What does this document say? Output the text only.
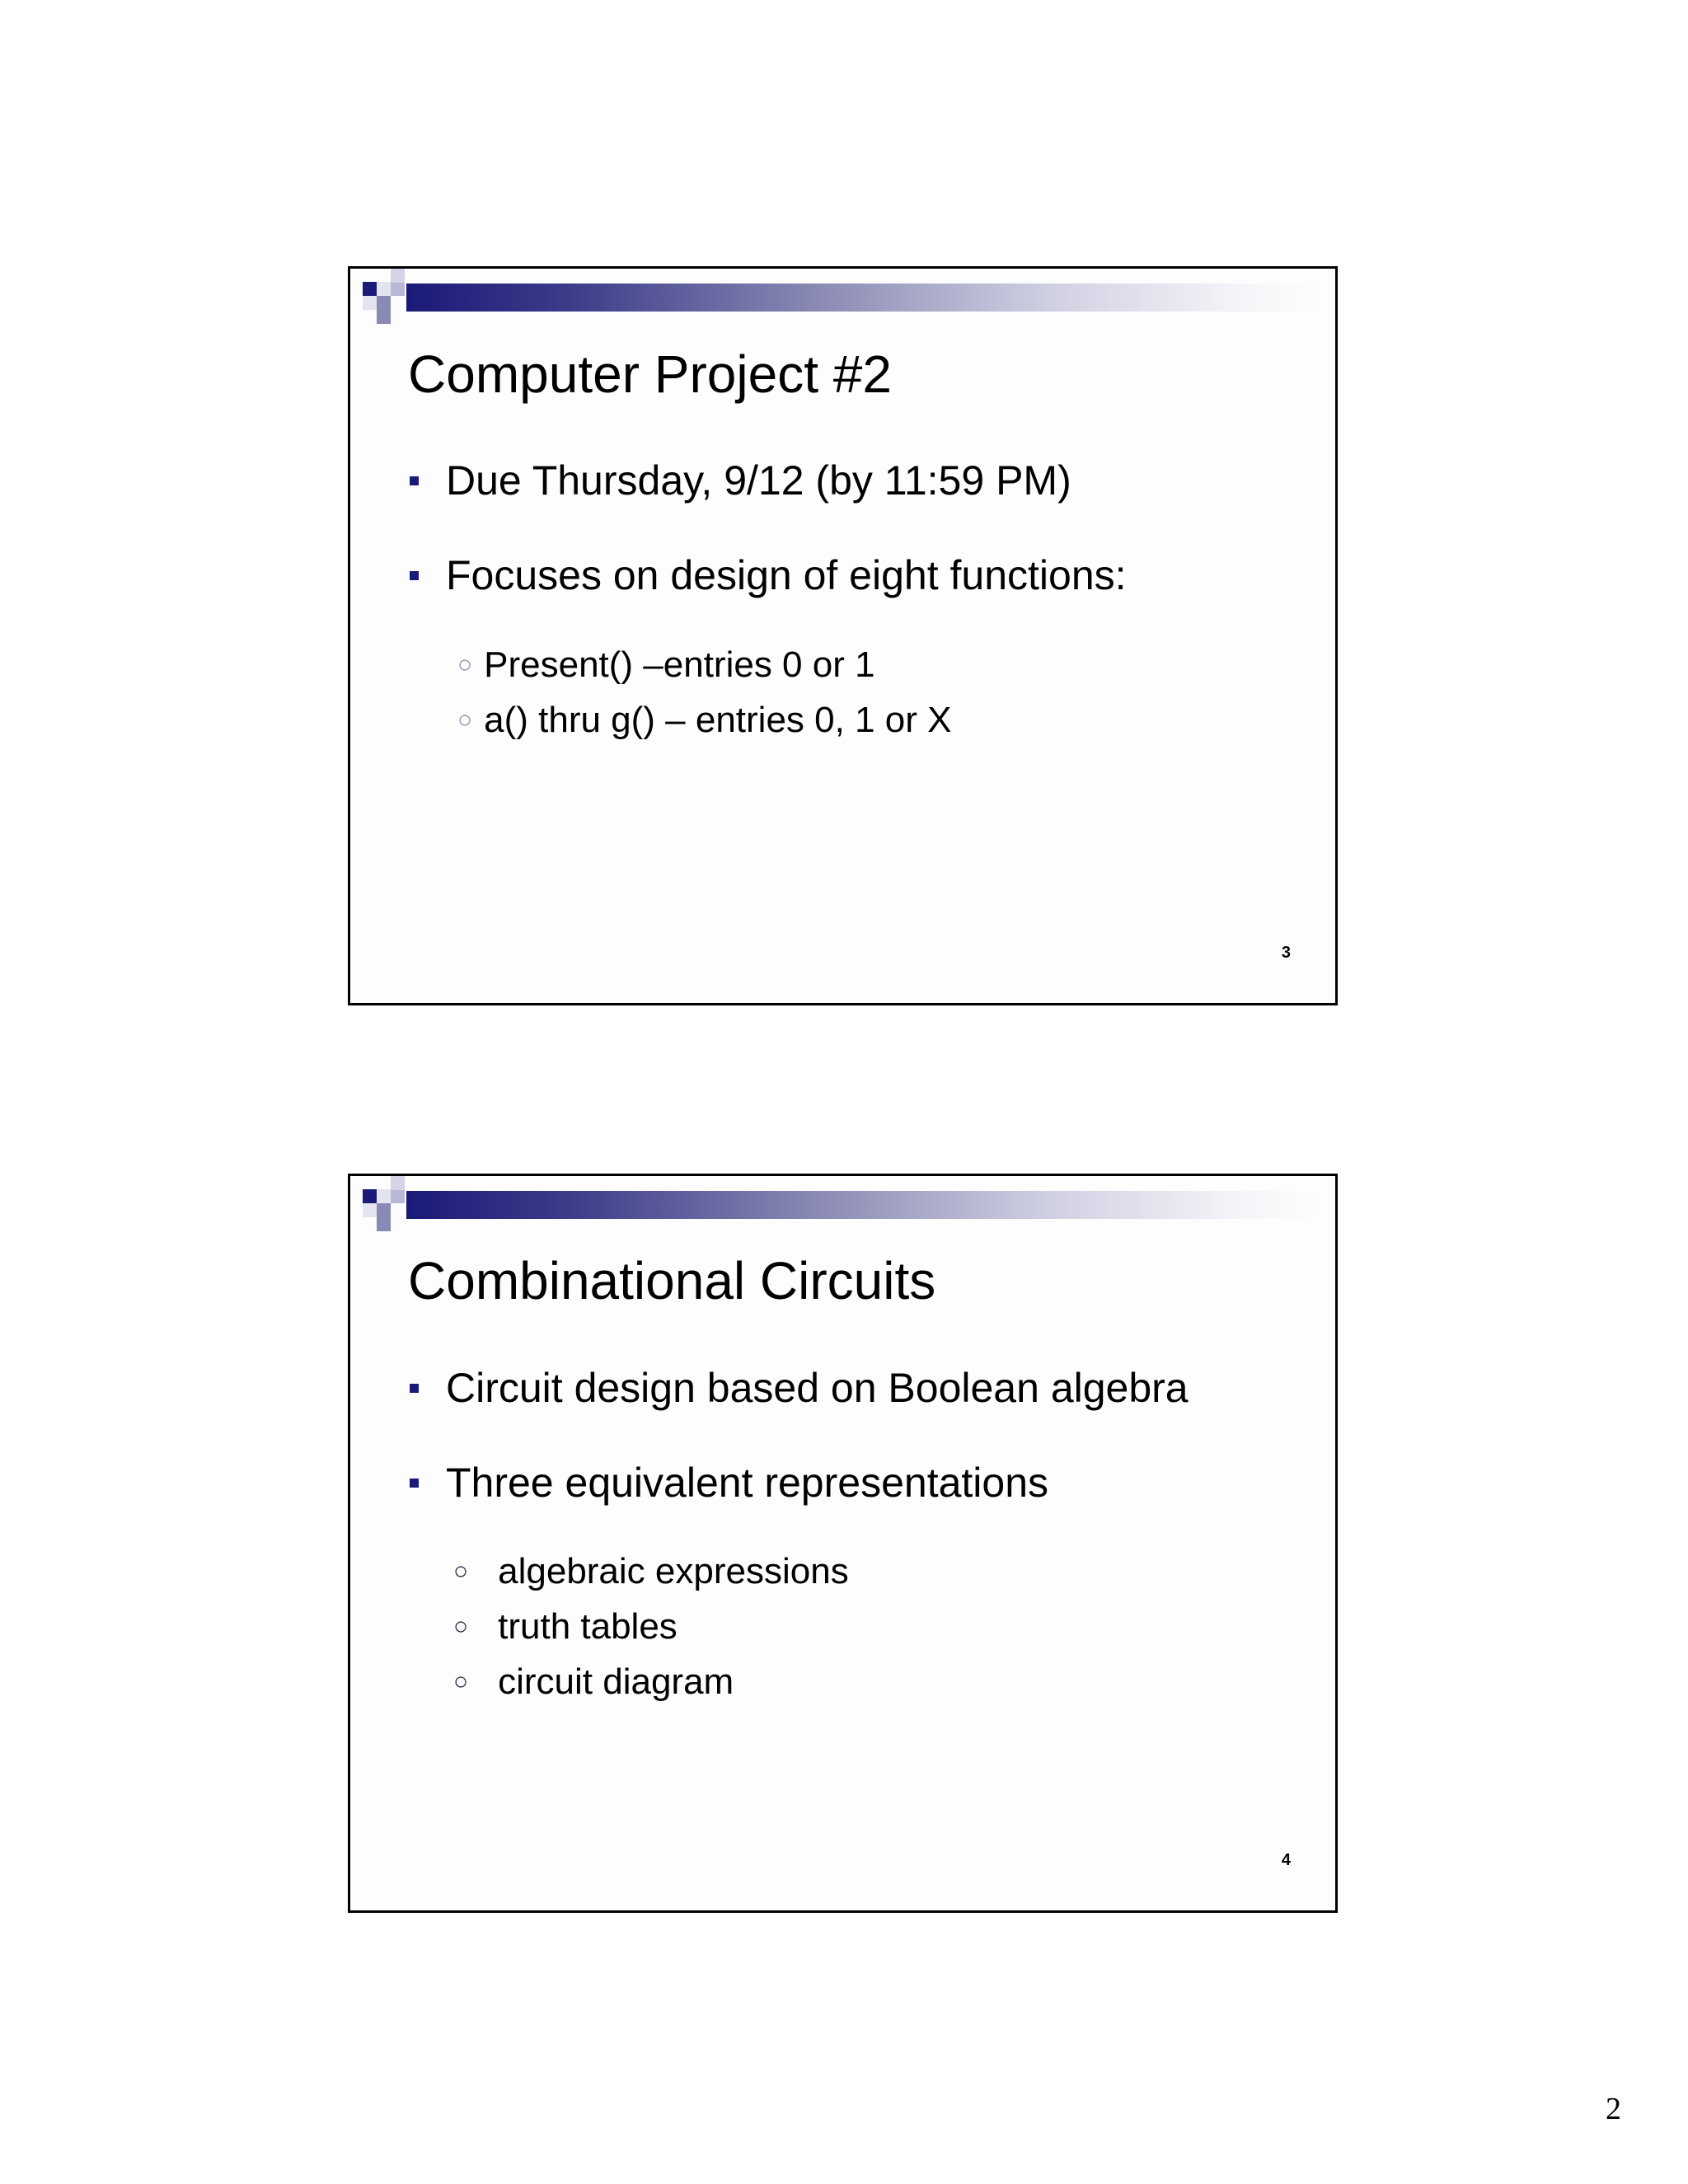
Computer Project #2
Due Thursday, 9/12 (by 11:59 PM)
Focuses on design of eight functions:
○ Present() –entries 0 or 1
○ a() thru g() – entries 0, 1 or X
3
Combinational Circuits
Circuit design based on Boolean algebra
Three equivalent representations
○ algebraic expressions
○ truth tables
○ circuit diagram
4
2
